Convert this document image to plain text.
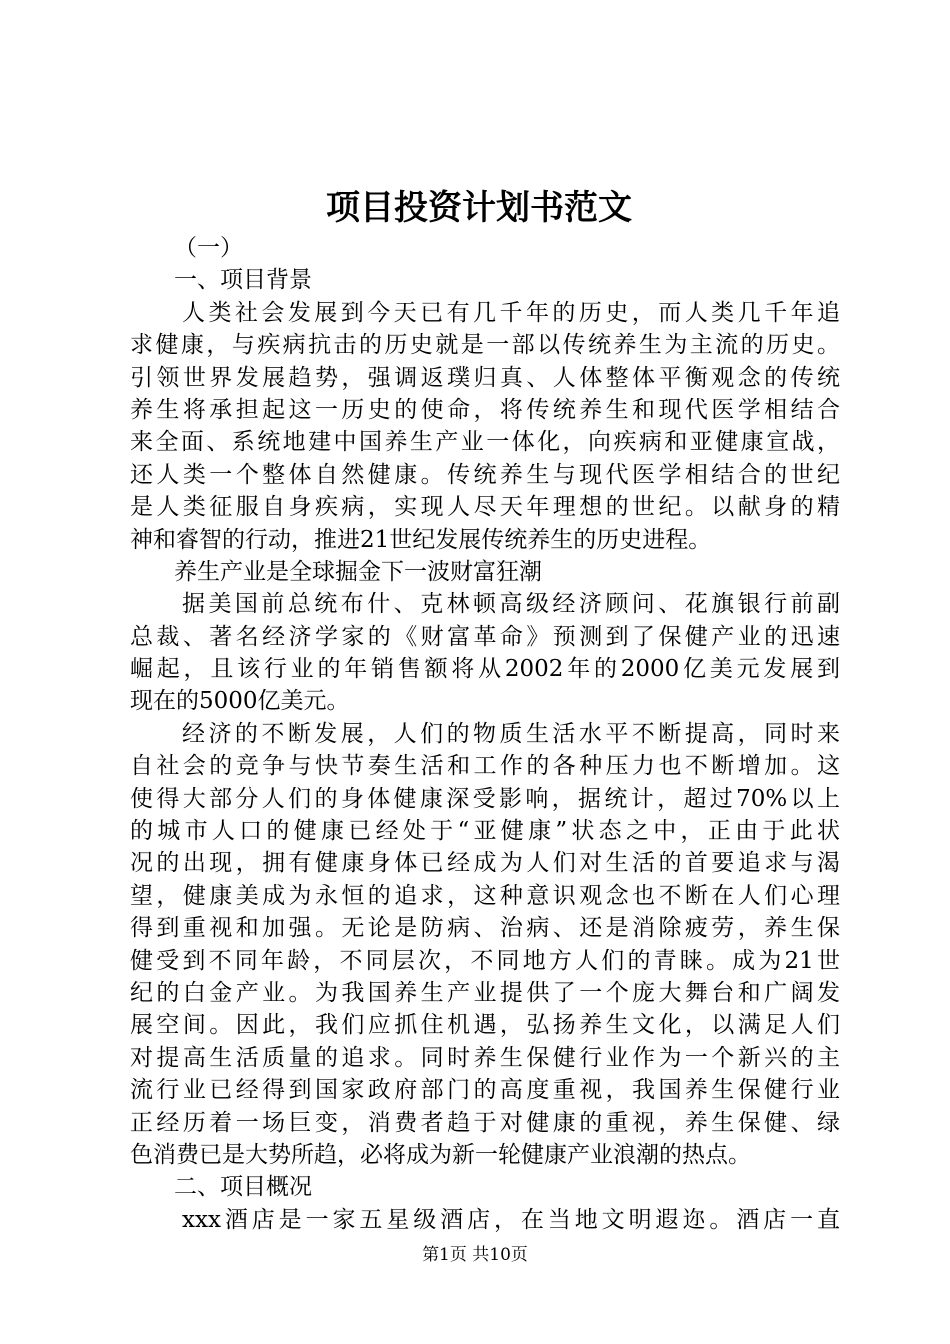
项目投资计划书范文
（一）
一、项目背景
人类社会发展到今天已有几千年的历史，而人类几千年追
求健康，与疾病抗击的历史就是一部以传统养生为主流的历史。
引领世界发展趋势，强调返璞归真、人体整体平衡观念的传统
养生将承担起这一历史的使命，将传统养生和现代医学相结合
来全面、系统地建中国养生产业一体化，向疾病和亚健康宣战，
还人类一个整体自然健康。传统养生与现代医学相结合的世纪
是人类征服自身疾病，实现人尽天年理想的世纪。以献身的精
神和睿智的行动，推进21世纪发展传统养生的历史进程。
养生产业是全球掘金下一波财富狂潮
据美国前总统布什、克林顿高级经济顾问、花旗银行前副
总裁、著名经济学家的《财富革命》预测到了保健产业的迅速
崛起，且该行业的年销售额将从2002年的2000亿美元发展到
现在的5000亿美元。
经济的不断发展，人们的物质生活水平不断提高，同时来
自社会的竞争与快节奏生活和工作的各种压力也不断增加。这
使得大部分人们的身体健康深受影响，据统计，超过70%以上
的城市人口的健康已经处于“亚健康”状态之中，正由于此状
况的出现，拥有健康身体已经成为人们对生活的首要追求与渴
望，健康美成为永恒的追求，这种意识观念也不断在人们心理
得到重视和加强。无论是防病、治病、还是消除疲劳，养生保
健受到不同年龄，不同层次，不同地方人们的青睐。成为21世
纪的白金产业。为我国养生产业提供了一个庞大舞台和广阔发
展空间。因此，我们应抓住机遇，弘扬养生文化，以满足人们
对提高生活质量的追求。同时养生保健行业作为一个新兴的主
流行业已经得到国家政府部门的高度重视，我国养生保健行业
正经历着一场巨变，消费者趋于对健康的重视，养生保健、绿
色消费已是大势所趋，必将成为新一轮健康产业浪潮的热点。
二、项目概况
xxx酒店是一家五星级酒店，在当地文明遐迩。酒店一直
第1页 共10页
